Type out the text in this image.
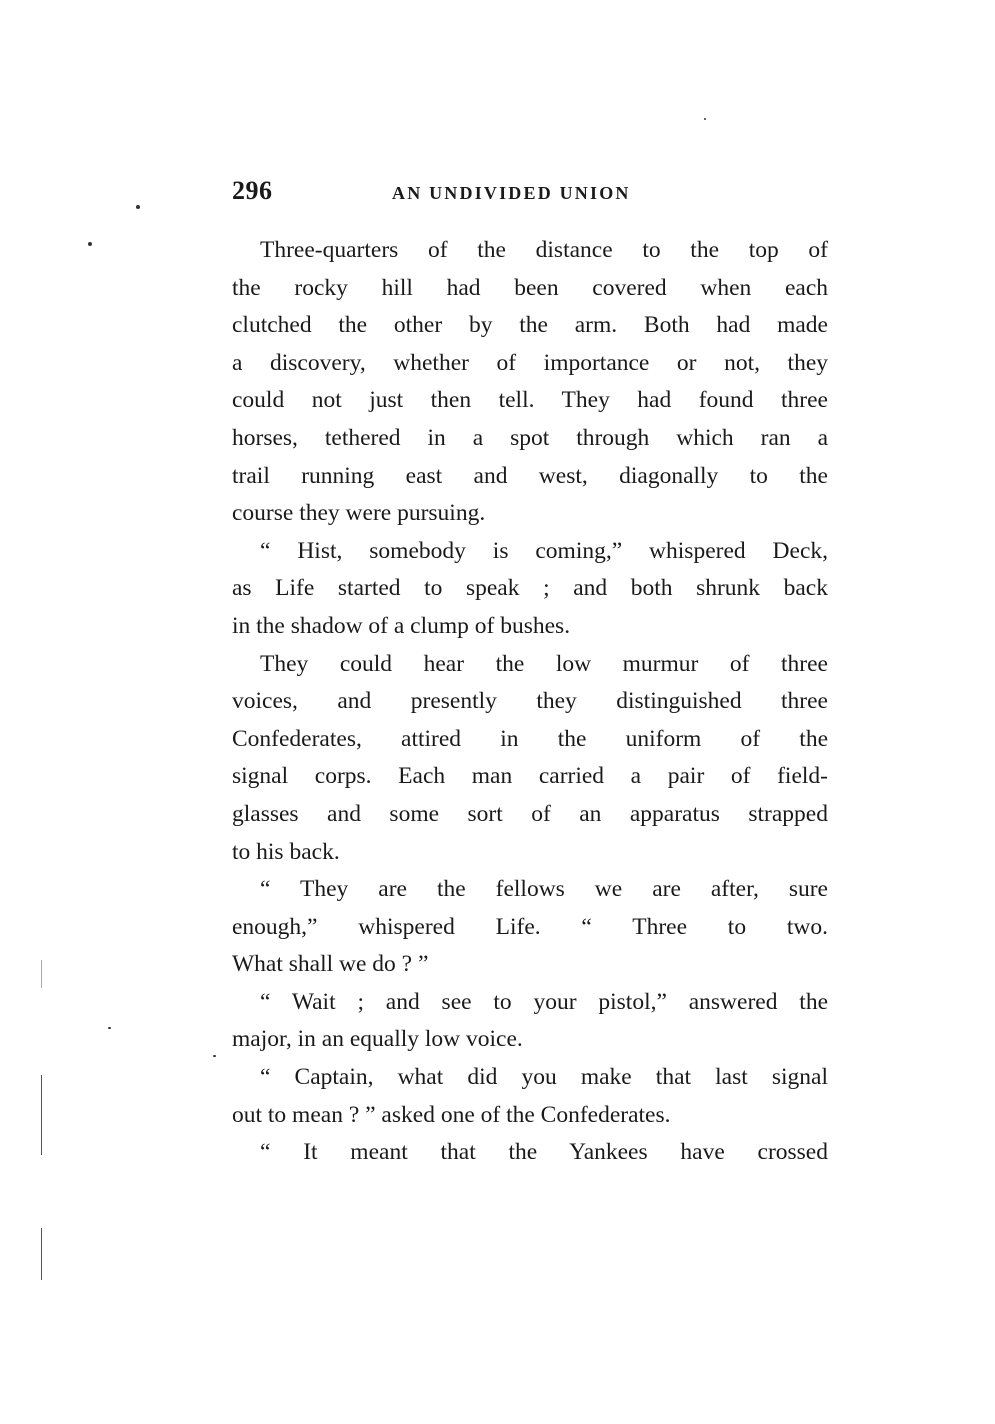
296	AN UNDIVIDED UNION
Three-quarters of the distance to the top of
the rocky hill had been covered when each
clutched the other by the arm. Both had made
a discovery, whether of importance or not, they
could not just then tell. They had found three
horses, tethered in a spot through which ran a
trail running east and west, diagonally to the
course they were pursuing.
“ Hist, somebody is coming,” whispered Deck,
as Life started to speak ; and both shrunk back
in the shadow of a clump of bushes.
They could hear the low murmur of three
voices, and presently they distinguished three
Confederates, attired in the uniform of the
signal corps. Each man carried a pair of field-
glasses and some sort of an apparatus strapped
to his back.
“ They are the fellows we are after, sure
enough,” whispered Life. “ Three to two.
What shall we do ? ”
“ Wait ; and see to your pistol,” answered the
major, in an equally low voice.
“ Captain, what did you make that last signal
out to mean ? ” asked one of the Confederates.
“ It meant that the Yankees have crossed
